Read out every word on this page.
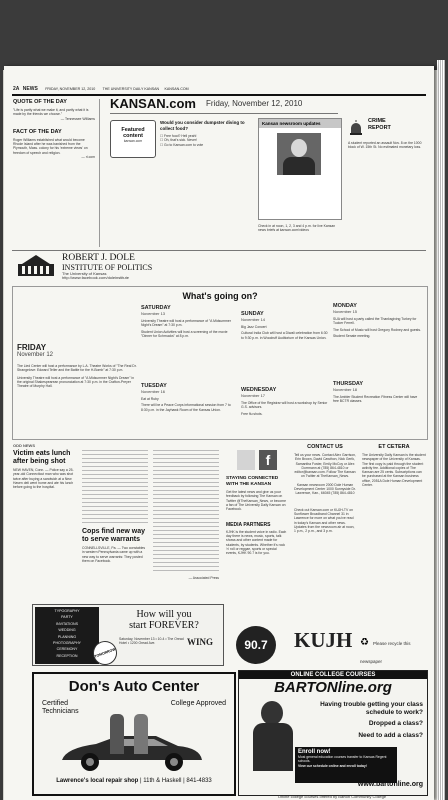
2A NEWS FRIDAY, NOVEMBER 12, 2010 THE UNIVERSITY DAILY KANSAN KANSAN.COM
QUOTE OF THE DAY
"Life is partly what we make it, and partly what it is made by the friends we choose."
— Tennessee Williams
FACT OF THE DAY
Roger Williams established what would become Rhode Island after he was banished from the Plymouth, Mass. colony for his 'extreme views' on freedom of speech and religion.
— ri.com
KANSAN.com Friday, November 12, 2010
Featured content
kansan.com
Would you consider dumpster diving to collect food?
☐ Free food? Hell yeah!
☐ Oh, that's sick. Never!
☐ Go to Kansan.com to vote
Kansan newsroom updates
Check in at noon, 1, 2, 3 and 4 p.m. for live Kansan news briefs at kansan.com/videos
CRIME REPORT
A student reported an assault Nov. 8 on the 1000 block of W. 15th St. No estimated monetary loss.
ROBERT J. DOLE
INSTITUTE OF POLITICS
The University of Kansas
http://www.facebook.com/doleinstitute
What's going on?
FRIDAY
November 12
The Lied Center will host a performance by L.A. Theatre Works of "The Real Dr. Strangelove: Edward Teller and the Battle for the H-Bomb" at 7:30 p.m.
University Theatre will host a performance of "A Midsummer Night's Dream" in the original Shakespearean pronunciation at 7:30 p.m. in the Crafton-Preyer Theatre of Murphy Hall.
SATURDAY
November 13
University Theatre will host a performance of "A Midsummer Night's Dream" at 7:30 p.m.
Student Union Activities will host a screening of the movie "Dinner for Schmucks" at 8 p.m.
SUNDAY
November 14
Big Jazz Concert
Cultural India Club will host a Diwali celebration from 6:30 to 9:30 p.m. in Woodruff Auditorium of the Kansas Union.
MONDAY
November 15
SUA will host a party called the Thanksgiving Turkey for Tucker Ferrell.
The School of Music will host Gregory Rodney and guests.
Student Senate meeting.
TUESDAY
November 16
Eat at Ruby
There will be a Peace Corps informational session from 7 to 8:30 p.m. in the Jayhawk Room of the Kansas Union.
WEDNESDAY
November 17
The Office of the Registrar will host a workshop by Senior G.S. advisors.
Free flu shots.
THURSDAY
November 18
The Ambler Student Recreation Fitness Center will have free BCTR classes.
ODD NEWS
Victim eats lunch after being shot
NEW HAVEN, Conn. — Police say a 25-year-old Connecticut man who was shot twice after buying a sandwich at a New Haven deli went home and ate his lunch before going to the hospital.
Cops find new way to serve warrants
CONNELLSVILLE, Pa. — Two constables in western Pennsylvania came up with a new way to serve warrants: They posted them on Facebook.
— Associated Press
f
STAYING CONNECTED WITH THE KANSAN
Get the latest news and give us your feedback by following The Kansan on Twitter @TheKansan_News, or become a fan of The University Daily Kansan on Facebook.
MEDIA PARTNERS
KJHK is the student voice in radio. Each day there is news, music, sports, talk shows and other content made for students, by students. Whether it's rock 'n' roll or reggae, sports or special events, KJHK 90.7 is for you.
CONTACT US
Tell us your news. Contact Alex Garrison, Erin Brown, David Cawthon, Nick Gerik, Samantha Foster, Emily McCoy or Alex Dorrmann at (785) 864-4810 or editor@kansan.com. Follow The Kansan on Twitter at TheKansan_News.
Kansan newsroom 2000 Dole Human Development Center 1000 Sunnyside Dr. Lawrence, Kan., 66045 (785) 864-4810
Check out Kansan.com or KUJH-TV on Sunflower Broadband Channel 31 in Lawrence for more on what you've read in today's Kansan and other news. Updates from the newsroom air at noon, 1 p.m., 2 p.m., and 3 p.m.
ET CETERA
The University Daily Kansan is the student newspaper of the University of Kansas. The first copy is paid through the student activity fee. Additional copies of The Kansan are 25 cents. Subscriptions can be purchased at the Kansan business office, 2051A Dole Human Development Center.
90.7	KUJH ♻ Please recycle this newspaper
TYPOGRAPHY
PARTY
INVITATIONS
WEDDING
PLANNING
PHOTOGRAPHY
CEREMONY
RECEPTION	TOMORROW
How will you
start FOREVER?
Saturday, November 13 • 10-4 • The Oread Hotel • 1200 Oread Ave.	WING
Don's Auto Center
Certified Technicians
College Approved
Lawrence's local repair shop | 11th & Haskell | 841-4833
ONLINE COLLEGE COURSES
BARTONline.org
Having trouble getting your class schedule to work?
Dropped a class?
Need to add a class?
Enroll now!
Most general education courses transfer to Kansas Regent schools.
View our schedule online and enroll today!
www.bartonline.org
Online college courses offered by Barton Community College
